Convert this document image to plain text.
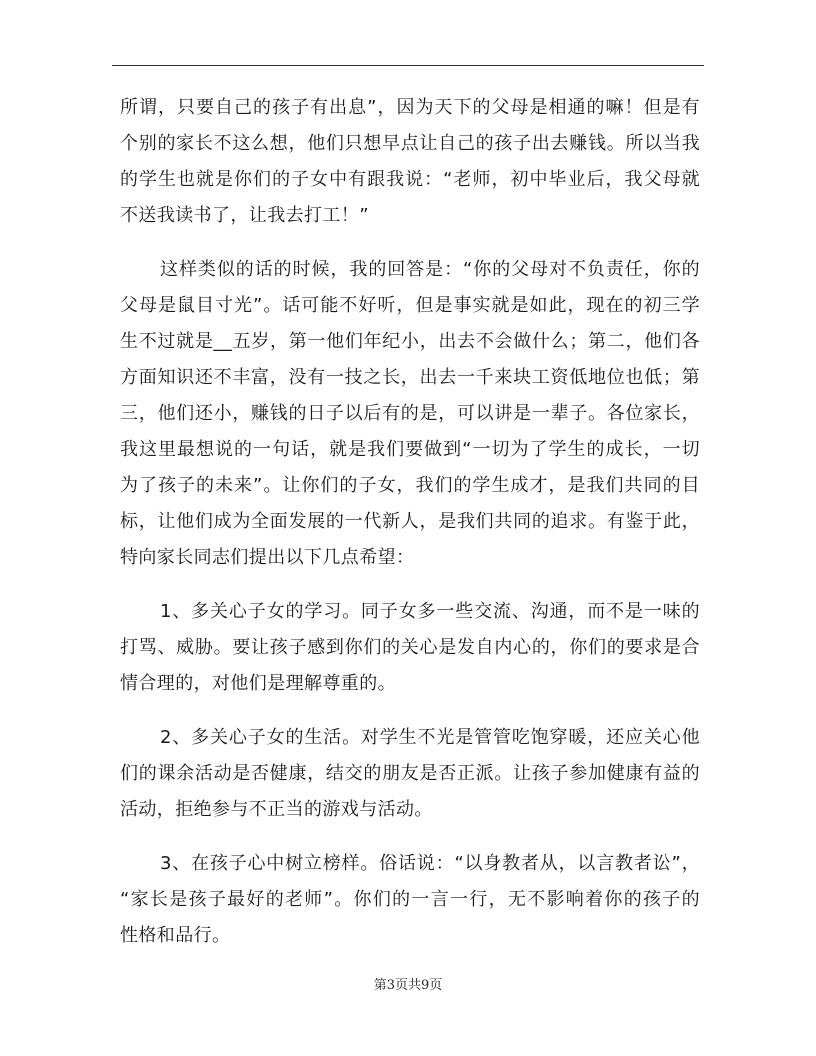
所谓，只要自己的孩子有出息”，因为天下的父母是相通的嘛！但是有
个别的家长不这么想，他们只想早点让自己的孩子出去赚钱。所以当我
的学生也就是你们的子女中有跟我说：“老师，初中毕业后，我父母就
不送我读书了，让我去打工！”

这样类似的话的时候，我的回答是：“你的父母对不负责任，你的
父母是鼠目寸光”。话可能不好听，但是事实就是如此，现在的初三学
生不过就是__五岁，第一他们年纪小，出去不会做什么；第二，他们各
方面知识还不丰富，没有一技之长，出去一千来块工资低地位也低；第
三，他们还小，赚钱的日子以后有的是，可以讲是一辈子。各位家长，
我这里最想说的一句话，就是我们要做到“一切为了学生的成长，一切
为了孩子的未来”。让你们的子女，我们的学生成才，是我们共同的目
标，让他们成为全面发展的一代新人，是我们共同的追求。有鉴于此，
特向家长同志们提出以下几点希望：

1、多关心子女的学习。同子女多一些交流、沟通，而不是一味的
打骂、威胁。要让孩子感到你们的关心是发自内心的，你们的要求是合
情合理的，对他们是理解尊重的。

2、多关心子女的生活。对学生不光是管管吃饱穿暖，还应关心他
们的课余活动是否健康，结交的朋友是否正派。让孩子参加健康有益的
活动，拒绝参与不正当的游戏与活动。

3、在孩子心中树立榜样。俗话说：“以身教者从，以言教者讼”，
“家长是孩子最好的老师”。你们的一言一行，无不影响着你的孩子的
性格和品行。

第3页共9页
